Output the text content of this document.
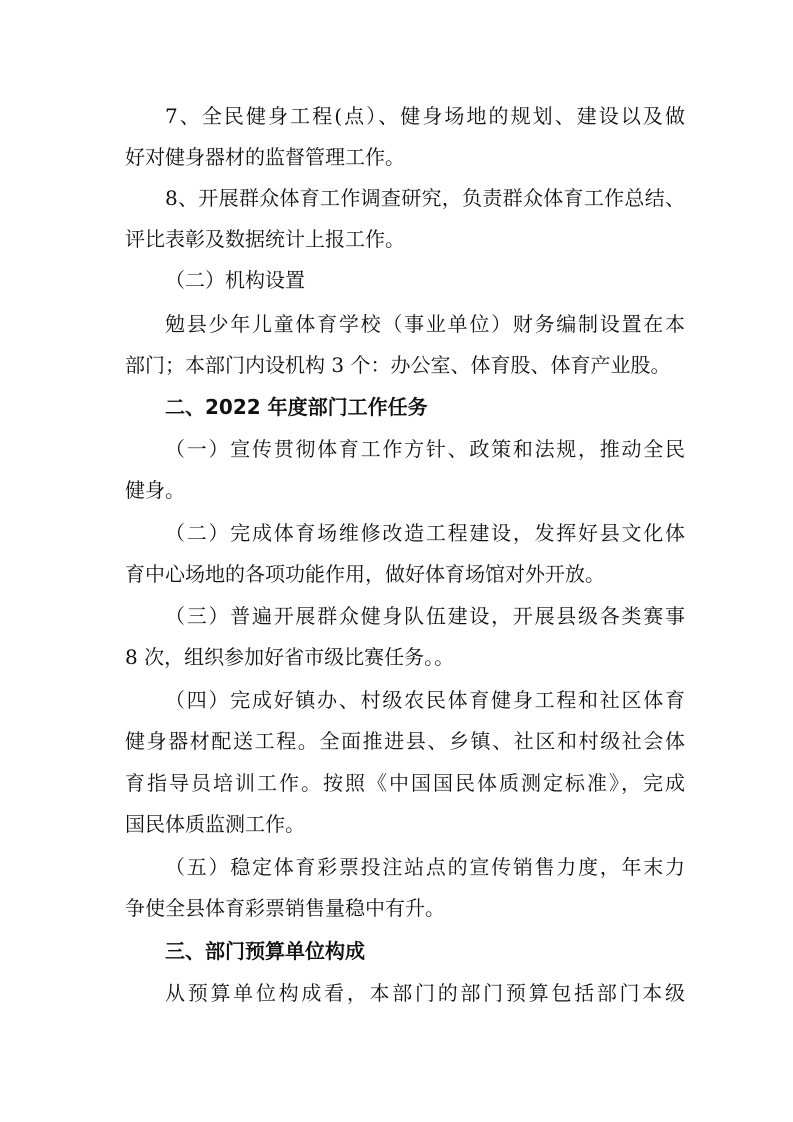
7、全民健身工程(点）、健身场地的规划、建设以及做
好对健身器材的监督管理工作。
8、开展群众体育工作调查研究，负责群众体育工作总结、
评比表彰及数据统计上报工作。
（二）机构设置
勉县少年儿童体育学校（事业单位）财务编制设置在本
部门；本部门内设机构 3 个：办公室、体育股、体育产业股。
二、2022 年度部门工作任务
（一）宣传贯彻体育工作方针、政策和法规，推动全民
健身。
（二）完成体育场维修改造工程建设，发挥好县文化体
育中心场地的各项功能作用，做好体育场馆对外开放。
（三）普遍开展群众健身队伍建设，开展县级各类赛事
8 次，组织参加好省市级比赛任务。。
（四）完成好镇办、村级农民体育健身工程和社区体育
健身器材配送工程。全面推进县、乡镇、社区和村级社会体
育指导员培训工作。按照《中国国民体质测定标准》，完成
国民体质监测工作。
（五）稳定体育彩票投注站点的宣传销售力度，年末力
争使全县体育彩票销售量稳中有升。
三、部门预算单位构成
从预算单位构成看，本部门的部门预算包括部门本级
